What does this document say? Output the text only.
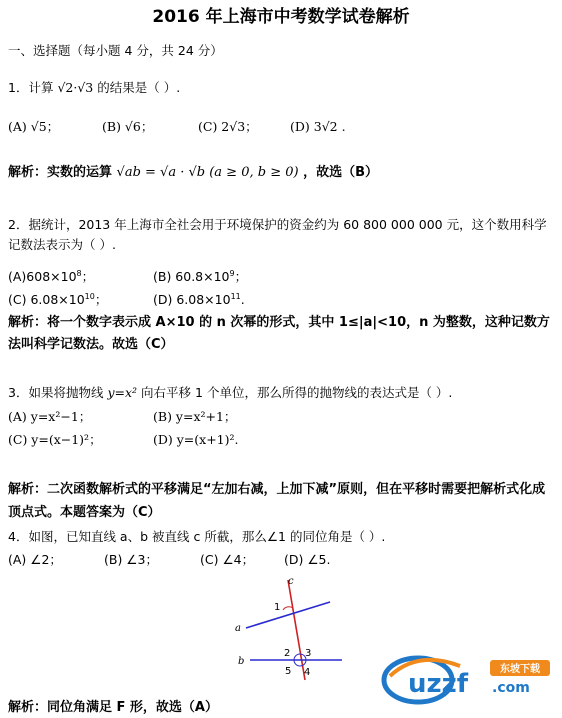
2016 年上海市中考数学试卷解析
一、选择题（每小题 4 分，共 24 分）
1．计算 √2·√3 的结果是（ ）.
(A) √5；	(B) √6；	(C) 2√3；	(D) 3√2 .
解析：实数的运算 √ab = √a · √b (a ≥ 0, b ≥ 0) ，故选（B）
2．据统计，2013 年上海市全社会用于环境保护的资金约为 60 800 000 000 元，这个数用科学记数法表示为（ ）.
$(A)608\times 10^8$；	(B) $60.8\times 10^9$；
(C) $6.08\times 10^{10}$；	(D) $6.08\times 10^{11}$.
解析：将一个数字表示成 A×10 的 n 次幂的形式，其中 1≤|a|<10，n 为整数，这种记数方法叫科学记数法。故选（C）
3．如果将抛物线 y=x² 向右平移 1 个单位，那么所得的抛物线的表达式是（ ）.
(A) y=x²−1；	(B) y=x²+1；
(C) y=(x−1)²；	(D) y=(x+1)².
解析：二次函数解析式的平移满足“左加右减，上加下减”原则，但在平移时需要把解析式化成顶点式。本题答案为（C）
4．如图，已知直线 a、b 被直线 c 所截，那么∠1 的同位角是（ ）.
(A) ∠2；	(B) ∠3；	(C) ∠4； (D) ∠5.
c
a
b
1
2 3
4
5
解析：同位角满足 F 形，故选（A）
东坡下载
uzzf .com
